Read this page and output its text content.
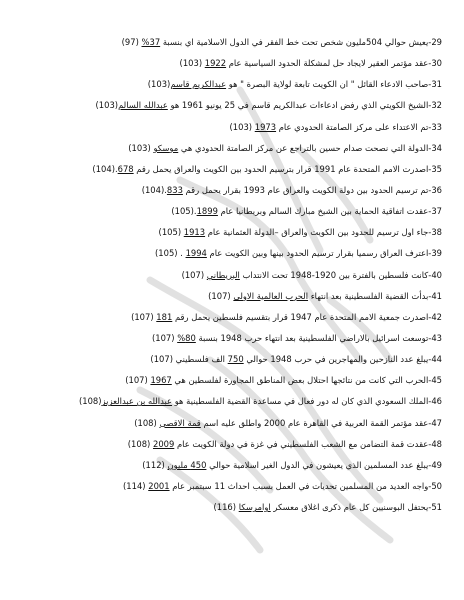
29-يعيش حوالي 504مليون شخص تحت خط الفقر في الدول الاسلامية اي بنسبة 37% (97)
30-عقد مؤتمر العقير لايجاد حل لمشكلة الحدود السياسية عام 1922 (103)
31-صاحب الادعاء القائل " ان الكويت تابعة لولاية البصرة " هو عبدالكريم قاسم(103)
32-الشيخ الكويتي الذي رفض ادعاءات عبدالكريم قاسم في 25 يونيو 1961 هو عبدالله السالم(103)
33-تم الاعتداء على مركز الصامتة الحدودي عام 1973 (103)
34-الدولة التي نصحت صدام حسين بالتراجع عن مركز الصامتة الحدودي هي موسكو (103)
35-اصدرت الامم المتحدة عام 1991 قرار بترسيم الحدود بين الكويت والعراق يحمل رقم 678.(104)
36-تم ترسيم الحدود بين دولة الكويت والعراق عام 1993 بقرار يحمل رقم 833.(104)
37-عقدت اتفاقية الحماية بين الشيخ مبارك السالم وبريطانيا عام 1899.(105)
38-جاء اول ترسيم للحدود بين الكويت والعراق –الدولة العثمانية عام 1913 (105)
39-اعترف العراق رسميا بقرار ترسيم الحدود بينها وبين الكويت عام 1994 . (105)
40-كانت فلسطين بالفترة بين 1920-1948 تحت الانتداب البريطاني (107)
41-بدأت القضية الفلسطينية بعد انتهاء الحرب العالمية الاولى (107)
42-اصدرت جمعية الامم المتحدة عام 1947 قرار بتقسيم فلسطين يحمل رقم 181 (107)
43-توسعت اسرائيل بالاراضي الفلسطينية بعد انتهاء حرب 1948 بنسبة 80% (107)
44-يبلغ عدد النازحين والمهاجرين في حرب 1948 حوالي 750 الف فلسطيني (107)
45-الحرب التي كانت من نتائجها احتلال بعض المناطق المجاورة لفلسطين هي 1967 (107)
46-الملك السعودي الذي كان له دور فعال في مساعدة القضية الفلسطينية هو عبدالله بن عبدالعزيز(108)
47-عقد مؤتمر القمة العربية في القاهرة عام 2000 واطلق عليه اسم قمة الاقصى (108)
48-عقدت قمة التضامن مع الشعب الفلسطيني في غزة في دولة الكويت عام 2009 (108)
49-يبلغ عدد المسلمين الذي يعيشون في الدول الغير اسلامية حوالي 450 مليون (112)
50-واجه العديد من المسلمين تحديات في العمل بسبب احداث 11 سبتمبر عام 2001 (114)
51-يحتفل البوسنيين كل عام ذكرى اغلاق معسكر اوامرسكا (116)
